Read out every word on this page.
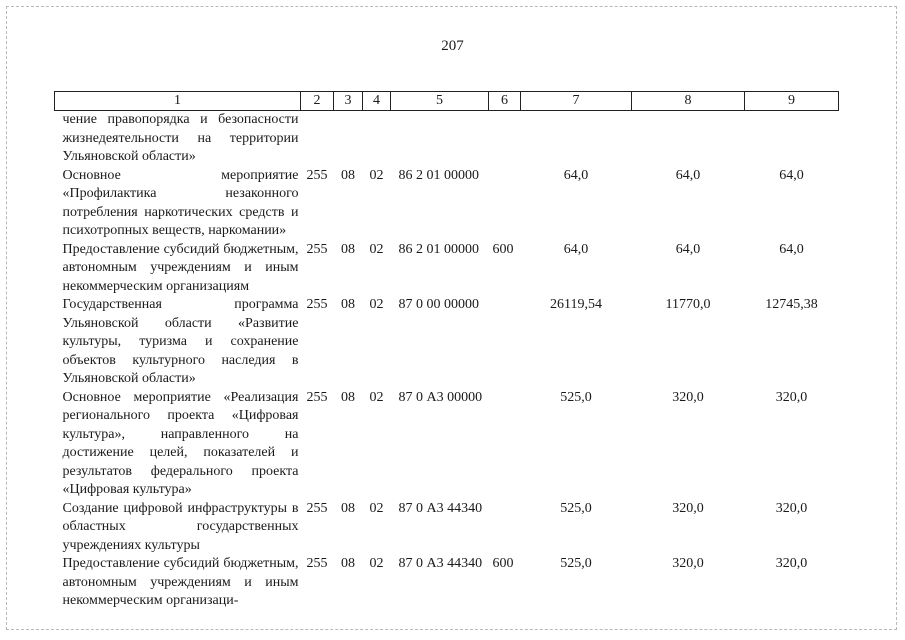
207
1	2	3	4	5	6	7	8	9
чение правопорядка и безопасности жизнедеятельности на территории Ульяновской области»								
Основное мероприятие «Профилактика незаконного потребления наркотических средств и психотропных веществ, наркомании»	255	08	02	86 2 01 00000		64,0	64,0	64,0
Предоставление субсидий бюджетным, автономным учреждениям и иным некоммерческим организациям	255	08	02	86 2 01 00000	600	64,0	64,0	64,0
Государственная программа Ульяновской области «Развитие культуры, туризма и сохранение объектов культурного наследия в Ульяновской области»	255	08	02	87 0 00 00000		26119,54	11770,0	12745,38
Основное мероприятие «Реализация регионального проекта «Цифровая культура», направленного на достижение целей, показателей и результатов федерального проекта «Цифровая культура»	255	08	02	87 0 А3 00000		525,0	320,0	320,0
Создание цифровой инфраструктуры в областных государственных учреждениях культуры	255	08	02	87 0 А3 44340		525,0	320,0	320,0
Предоставление субсидий бюджетным, автономным учреждениям и иным некоммерческим организаци-	255	08	02	87 0 А3 44340	600	525,0	320,0	320,0
